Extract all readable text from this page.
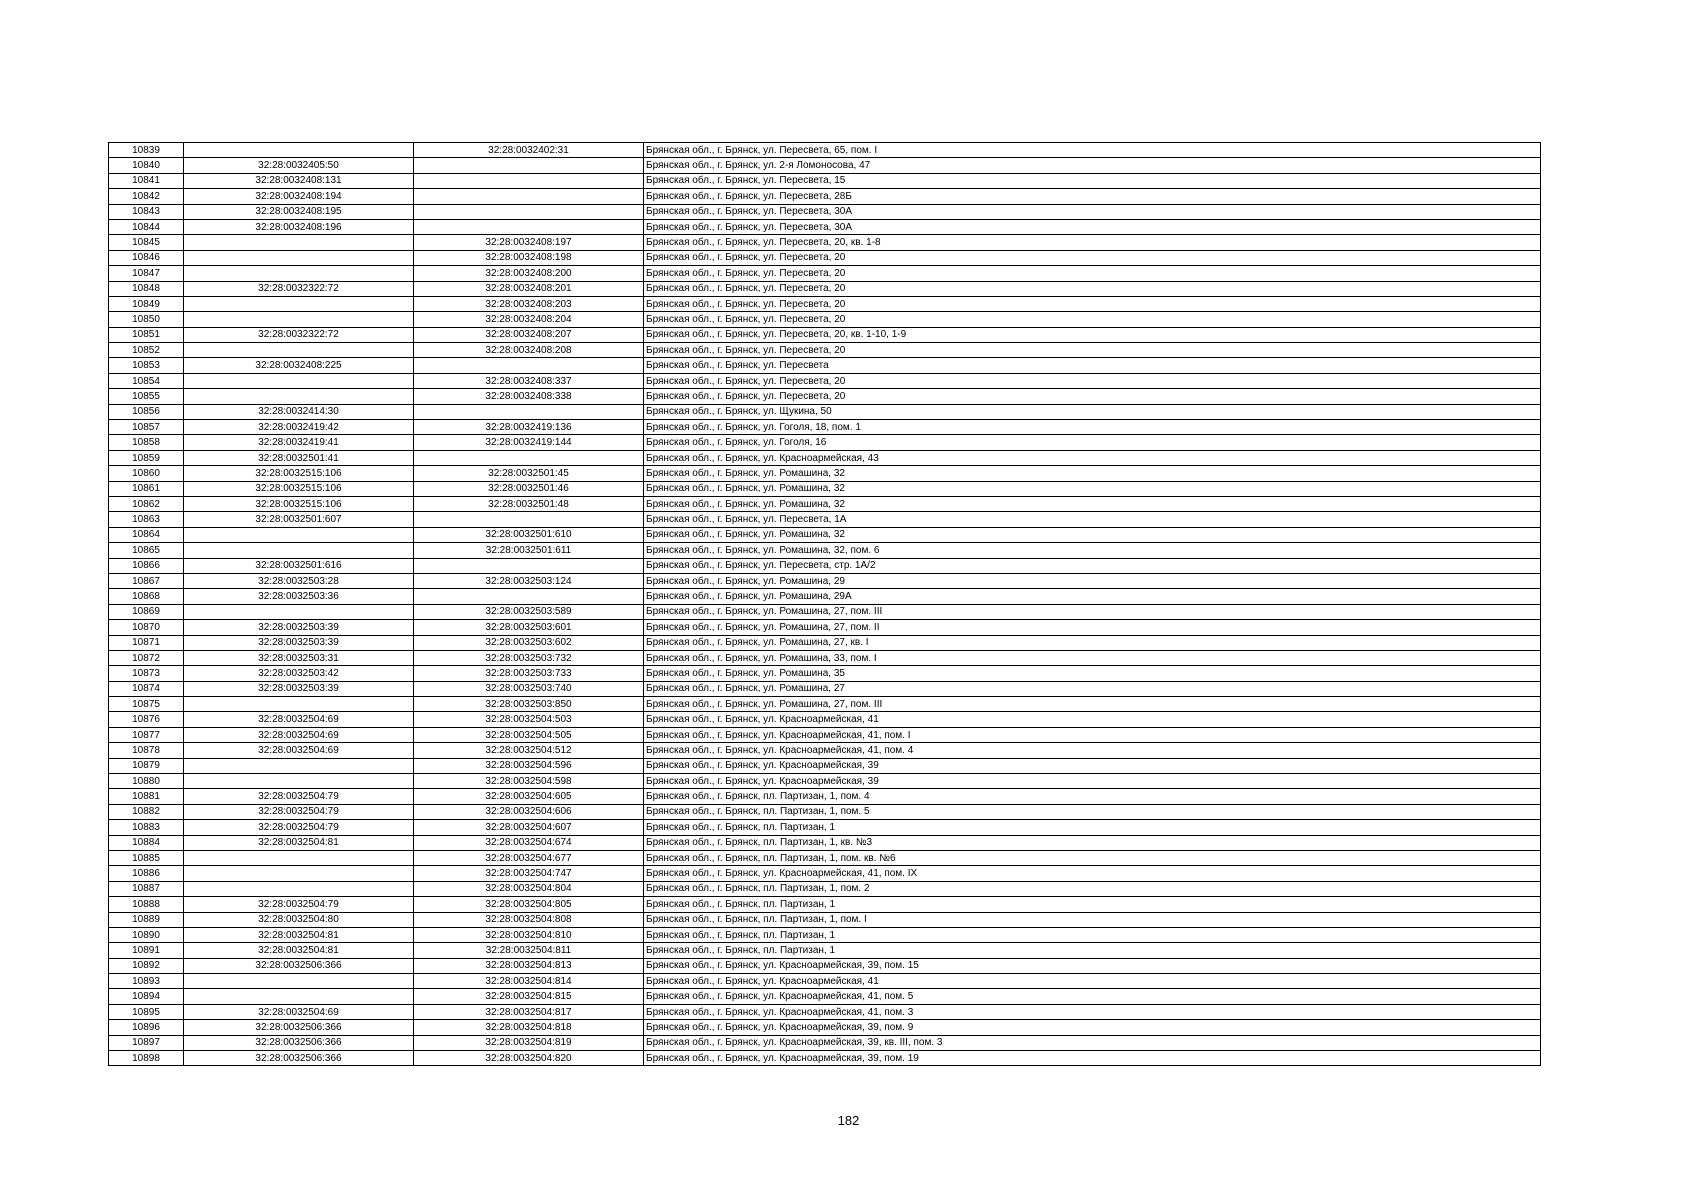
10839		32:28:0032402:31	Брянская обл., г. Брянск, ул. Пересвета, 65, пом. I
10840	32:28:0032405:50		Брянская обл., г. Брянск, ул. 2-я Ломоносова, 47
10841	32:28:0032408:131		Брянская обл., г. Брянск, ул. Пересвета, 15
10842	32:28:0032408:194		Брянская обл., г. Брянск, ул. Пересвета, 28Б
10843	32:28:0032408:195		Брянская обл., г. Брянск, ул. Пересвета, 30А
10844	32:28:0032408:196		Брянская обл., г. Брянск, ул. Пересвета, 30А
10845		32:28:0032408:197	Брянская обл., г. Брянск, ул. Пересвета, 20, кв. 1-8
10846		32:28:0032408:198	Брянская обл., г. Брянск, ул. Пересвета, 20
10847		32:28:0032408:200	Брянская обл., г. Брянск, ул. Пересвета, 20
10848	32:28:0032322:72	32:28:0032408:201	Брянская обл., г. Брянск, ул. Пересвета, 20
10849		32:28:0032408:203	Брянская обл., г. Брянск, ул. Пересвета, 20
10850		32:28:0032408:204	Брянская обл., г. Брянск, ул. Пересвета, 20
10851	32:28:0032322:72	32:28:0032408:207	Брянская обл., г. Брянск, ул. Пересвета, 20, кв. 1-10, 1-9
10852		32:28:0032408:208	Брянская обл., г. Брянск, ул. Пересвета, 20
10853	32:28:0032408:225		Брянская обл., г. Брянск, ул. Пересвета
10854		32:28:0032408:337	Брянская обл., г. Брянск, ул. Пересвета, 20
10855		32:28:0032408:338	Брянская обл., г. Брянск, ул. Пересвета, 20
10856	32:28:0032414:30		Брянская обл., г. Брянск, ул. Щукина, 50
10857	32:28:0032419:42	32:28:0032419:136	Брянская обл., г. Брянск, ул. Гоголя, 18, пом. 1
10858	32:28:0032419:41	32:28:0032419:144	Брянская обл., г. Брянск, ул. Гоголя, 16
10859	32:28:0032501:41		Брянская обл., г. Брянск, ул. Красноармейская, 43
10860	32:28:0032515:106	32:28:0032501:45	Брянская обл., г. Брянск, ул. Ромашина, 32
10861	32:28:0032515:106	32:28:0032501:46	Брянская обл., г. Брянск, ул. Ромашина, 32
10862	32:28:0032515:106	32:28:0032501:48	Брянская обл., г. Брянск, ул. Ромашина, 32
10863	32:28:0032501:607		Брянская обл., г. Брянск, ул. Пересвета, 1А
10864		32:28:0032501:610	Брянская обл., г. Брянск, ул. Ромашина, 32
10865		32:28:0032501:611	Брянская обл., г. Брянск, ул. Ромашина, 32, пом. 6
10866	32:28:0032501:616		Брянская обл., г. Брянск, ул. Пересвета, стр. 1А/2
10867	32:28:0032503:28	32:28:0032503:124	Брянская обл., г. Брянск, ул. Ромашина, 29
10868	32:28:0032503:36		Брянская обл., г. Брянск, ул. Ромашина, 29А
10869		32:28:0032503:589	Брянская обл., г. Брянск, ул. Ромашина, 27, пом. III
10870	32:28:0032503:39	32:28:0032503:601	Брянская обл., г. Брянск, ул. Ромашина, 27, пом. II
10871	32:28:0032503:39	32:28:0032503:602	Брянская обл., г. Брянск, ул. Ромашина, 27, кв. I
10872	32:28:0032503:31	32:28:0032503:732	Брянская обл., г. Брянск, ул. Ромашина, 33, пом. I
10873	32:28:0032503:42	32:28:0032503:733	Брянская обл., г. Брянск, ул. Ромашина, 35
10874	32:28:0032503:39	32:28:0032503:740	Брянская обл., г. Брянск, ул. Ромашина, 27
10875		32:28:0032503:850	Брянская обл., г. Брянск, ул. Ромашина, 27, пом. III
10876	32:28:0032504:69	32:28:0032504:503	Брянская обл., г. Брянск, ул. Красноармейская, 41
10877	32:28:0032504:69	32:28:0032504:505	Брянская обл., г. Брянск, ул. Красноармейская, 41, пом. I
10878	32:28:0032504:69	32:28:0032504:512	Брянская обл., г. Брянск, ул. Красноармейская, 41, пом. 4
10879		32:28:0032504:596	Брянская обл., г. Брянск, ул. Красноармейская, 39
10880		32:28:0032504:598	Брянская обл., г. Брянск, ул. Красноармейская, 39
10881	32:28:0032504:79	32:28:0032504:605	Брянская обл., г. Брянск, пл. Партизан, 1, пом. 4
10882	32:28:0032504:79	32:28:0032504:606	Брянская обл., г. Брянск, пл. Партизан, 1, пом. 5
10883	32:28:0032504:79	32:28:0032504:607	Брянская обл., г. Брянск, пл. Партизан, 1
10884	32:28:0032504:81	32:28:0032504:674	Брянская обл., г. Брянск, пл. Партизан, 1, кв. №3
10885		32:28:0032504:677	Брянская обл., г. Брянск, пл. Партизан, 1, пом. кв. №6
10886		32:28:0032504:747	Брянская обл., г. Брянск, ул. Красноармейская, 41, пом. IX
10887		32:28:0032504:804	Брянская обл., г. Брянск, пл. Партизан, 1, пом. 2
10888	32:28:0032504:79	32:28:0032504:805	Брянская обл., г. Брянск, пл. Партизан, 1
10889	32:28:0032504:80	32:28:0032504:808	Брянская обл., г. Брянск, пл. Партизан, 1, пом. I
10890	32:28:0032504:81	32:28:0032504:810	Брянская обл., г. Брянск, пл. Партизан, 1
10891	32:28:0032504:81	32:28:0032504:811	Брянская обл., г. Брянск, пл. Партизан, 1
10892	32:28:0032506:366	32:28:0032504:813	Брянская обл., г. Брянск, ул. Красноармейская, 39, пом. 15
10893		32:28:0032504:814	Брянская обл., г. Брянск, ул. Красноармейская, 41
10894		32:28:0032504:815	Брянская обл., г. Брянск, ул. Красноармейская, 41, пом. 5
10895	32:28:0032504:69	32:28:0032504:817	Брянская обл., г. Брянск, ул. Красноармейская, 41, пом. 3
10896	32:28:0032506:366	32:28:0032504:818	Брянская обл., г. Брянск, ул. Красноармейская, 39, пом. 9
10897	32:28:0032506:366	32:28:0032504:819	Брянская обл., г. Брянск, ул. Красноармейская, 39, кв. III, пом. 3
10898	32:28:0032506:366	32:28:0032504:820	Брянская обл., г. Брянск, ул. Красноармейская, 39, пом. 19
182
